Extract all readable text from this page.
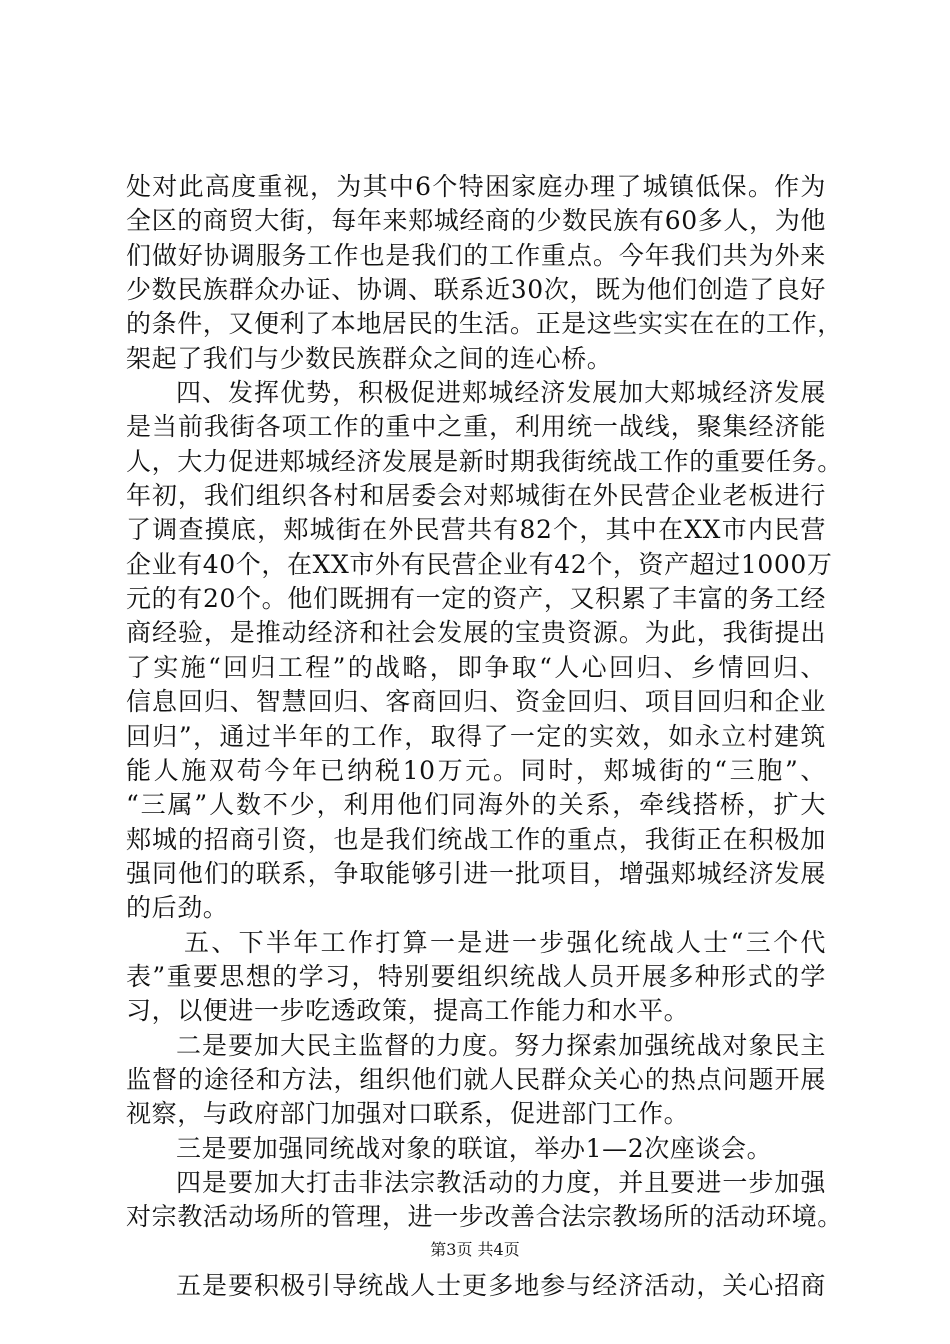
处对此高度重视，为其中6个特困家庭办理了城镇低保。作为
全区的商贸大街，每年来郏城经商的少数民族有60多人，为他
们做好协调服务工作也是我们的工作重点。今年我们共为外来
少数民族群众办证、协调、联系近30次，既为他们创造了良好
的条件，又便利了本地居民的生活。正是这些实实在在的工作，
架起了我们与少数民族群众之间的连心桥。
四、发挥优势，积极促进郏城经济发展加大郏城经济发展
是当前我街各项工作的重中之重，利用统一战线，聚集经济能
人，大力促进郏城经济发展是新时期我街统战工作的重要任务。
年初，我们组织各村和居委会对郏城街在外民营企业老板进行
了调查摸底，郏城街在外民营共有82个，其中在XX市内民营
企业有40个，在XX市外有民营企业有42个，资产超过1000万
元的有20个。他们既拥有一定的资产，又积累了丰富的务工经
商经验，是推动经济和社会发展的宝贵资源。为此，我街提出
了实施“回归工程”的战略，即争取“人心回归、乡情回归、
信息回归、智慧回归、客商回归、资金回归、项目回归和企业
回归”，通过半年的工作，取得了一定的实效，如永立村建筑
能人施双苟今年已纳税10万元。同时，郏城街的“三胞”、
“三属”人数不少，利用他们同海外的关系，牵线搭桥，扩大
郏城的招商引资，也是我们统战工作的重点，我街正在积极加
强同他们的联系，争取能够引进一批项目，增强郏城经济发展
的后劲。
五、下半年工作打算一是进一步强化统战人士“三个代
表”重要思想的学习，特别要组织统战人员开展多种形式的学
习，以便进一步吃透政策，提高工作能力和水平。
二是要加大民主监督的力度。努力探索加强统战对象民主
监督的途径和方法，组织他们就人民群众关心的热点问题开展
视察，与政府部门加强对口联系，促进部门工作。
三是要加强同统战对象的联谊，举办1—2次座谈会。
四是要加大打击非法宗教活动的力度，并且要进一步加强
对宗教活动场所的管理，进一步改善合法宗教场所的活动环境。
五是要积极引导统战人士更多地参与经济活动，关心招商
第3页 共4页
